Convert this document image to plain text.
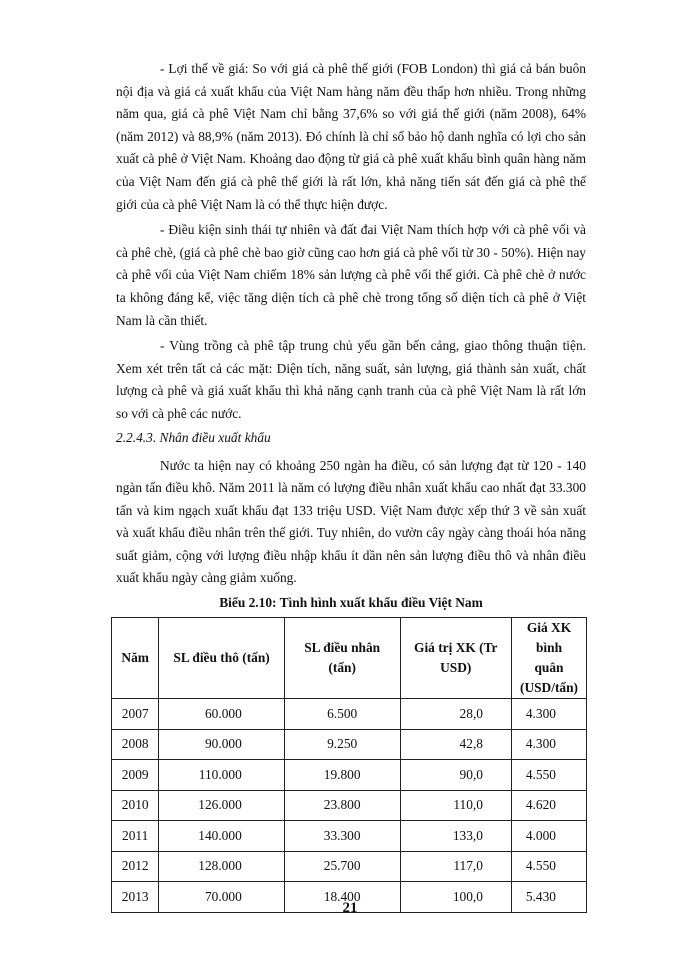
- Lợi thế về giá: So với giá cà phê thế giới (FOB London) thì giá cả bán buôn nội địa và giá cả xuất khẩu của Việt Nam hàng năm đều thấp hơn nhiều. Trong những năm qua, giá cà phê Việt Nam chỉ bằng 37,6% so với giá thế giới (năm 2008), 64% (năm 2012) và 88,9% (năm 2013). Đó chính là chỉ số bảo hộ danh nghĩa có lợi cho sản xuất cà phê ở Việt Nam. Khoảng dao động từ giá cà phê xuất khẩu bình quân hàng năm của Việt Nam đến giá cà phê thế giới là rất lớn, khả năng tiến sát đến giá cà phê thế giới của cà phê Việt Nam là có thể thực hiện được.

- Điều kiện sinh thái tự nhiên và đất đai Việt Nam thích hợp với cà phê vối và cà phê chè, (giá cà phê chè bao giờ cũng cao hơn giá cà phê vối từ 30 - 50%). Hiện nay cà phê vối của Việt Nam chiếm 18% sản lượng cà phê vối thế giới. Cà phê chè ở nước ta không đáng kể, việc tăng diện tích cà phê chè trong tổng số diện tích cà phê ở Việt Nam là cần thiết.

- Vùng trồng cà phê tập trung chủ yếu gần bến cảng, giao thông thuận tiện. Xem xét trên tất cả các mặt: Diện tích, năng suất, sản lượng, giá thành sản xuất, chất lượng cà phê và giá xuất khẩu thì khả năng cạnh tranh của cà phê Việt Nam là rất lớn so với cà phê các nước.

2.2.4.3. Nhân điều xuất khẩu

Nước ta hiện nay có khoảng 250 ngàn ha điều, có sản lượng đạt từ 120 - 140 ngàn tấn điều khô. Năm 2011 là năm có lượng điều nhân xuất khẩu cao nhất đạt 33.300 tấn và kim ngạch xuất khẩu đạt 133 triệu USD. Việt Nam được xếp thứ 3 về sản xuất và xuất khẩu điều nhân trên thế giới. Tuy nhiên, do vườn cây ngày càng thoái hóa năng suất giảm, cộng với lượng điều nhập khẩu ít dần nên sản lượng điều thô và nhân điều xuất khẩu ngày càng giảm xuống.

Biểu 2.10: Tình hình xuất khẩu điều Việt Nam

Năm	SL điều thô (tấn)	SL điều nhân (tấn)	Giá trị XK (Tr USD)	Giá XK bình quân (USD/tấn)
2007	60.000	6.500	28,0	4.300
2008	90.000	9.250	42,8	4.300
2009	110.000	19.800	90,0	4.550
2010	126.000	23.800	110,0	4.620
2011	140.000	33.300	133,0	4.000
2012	128.000	25.700	117,0	4.550
2013	70.000	18.400	100,0	5.430
21
